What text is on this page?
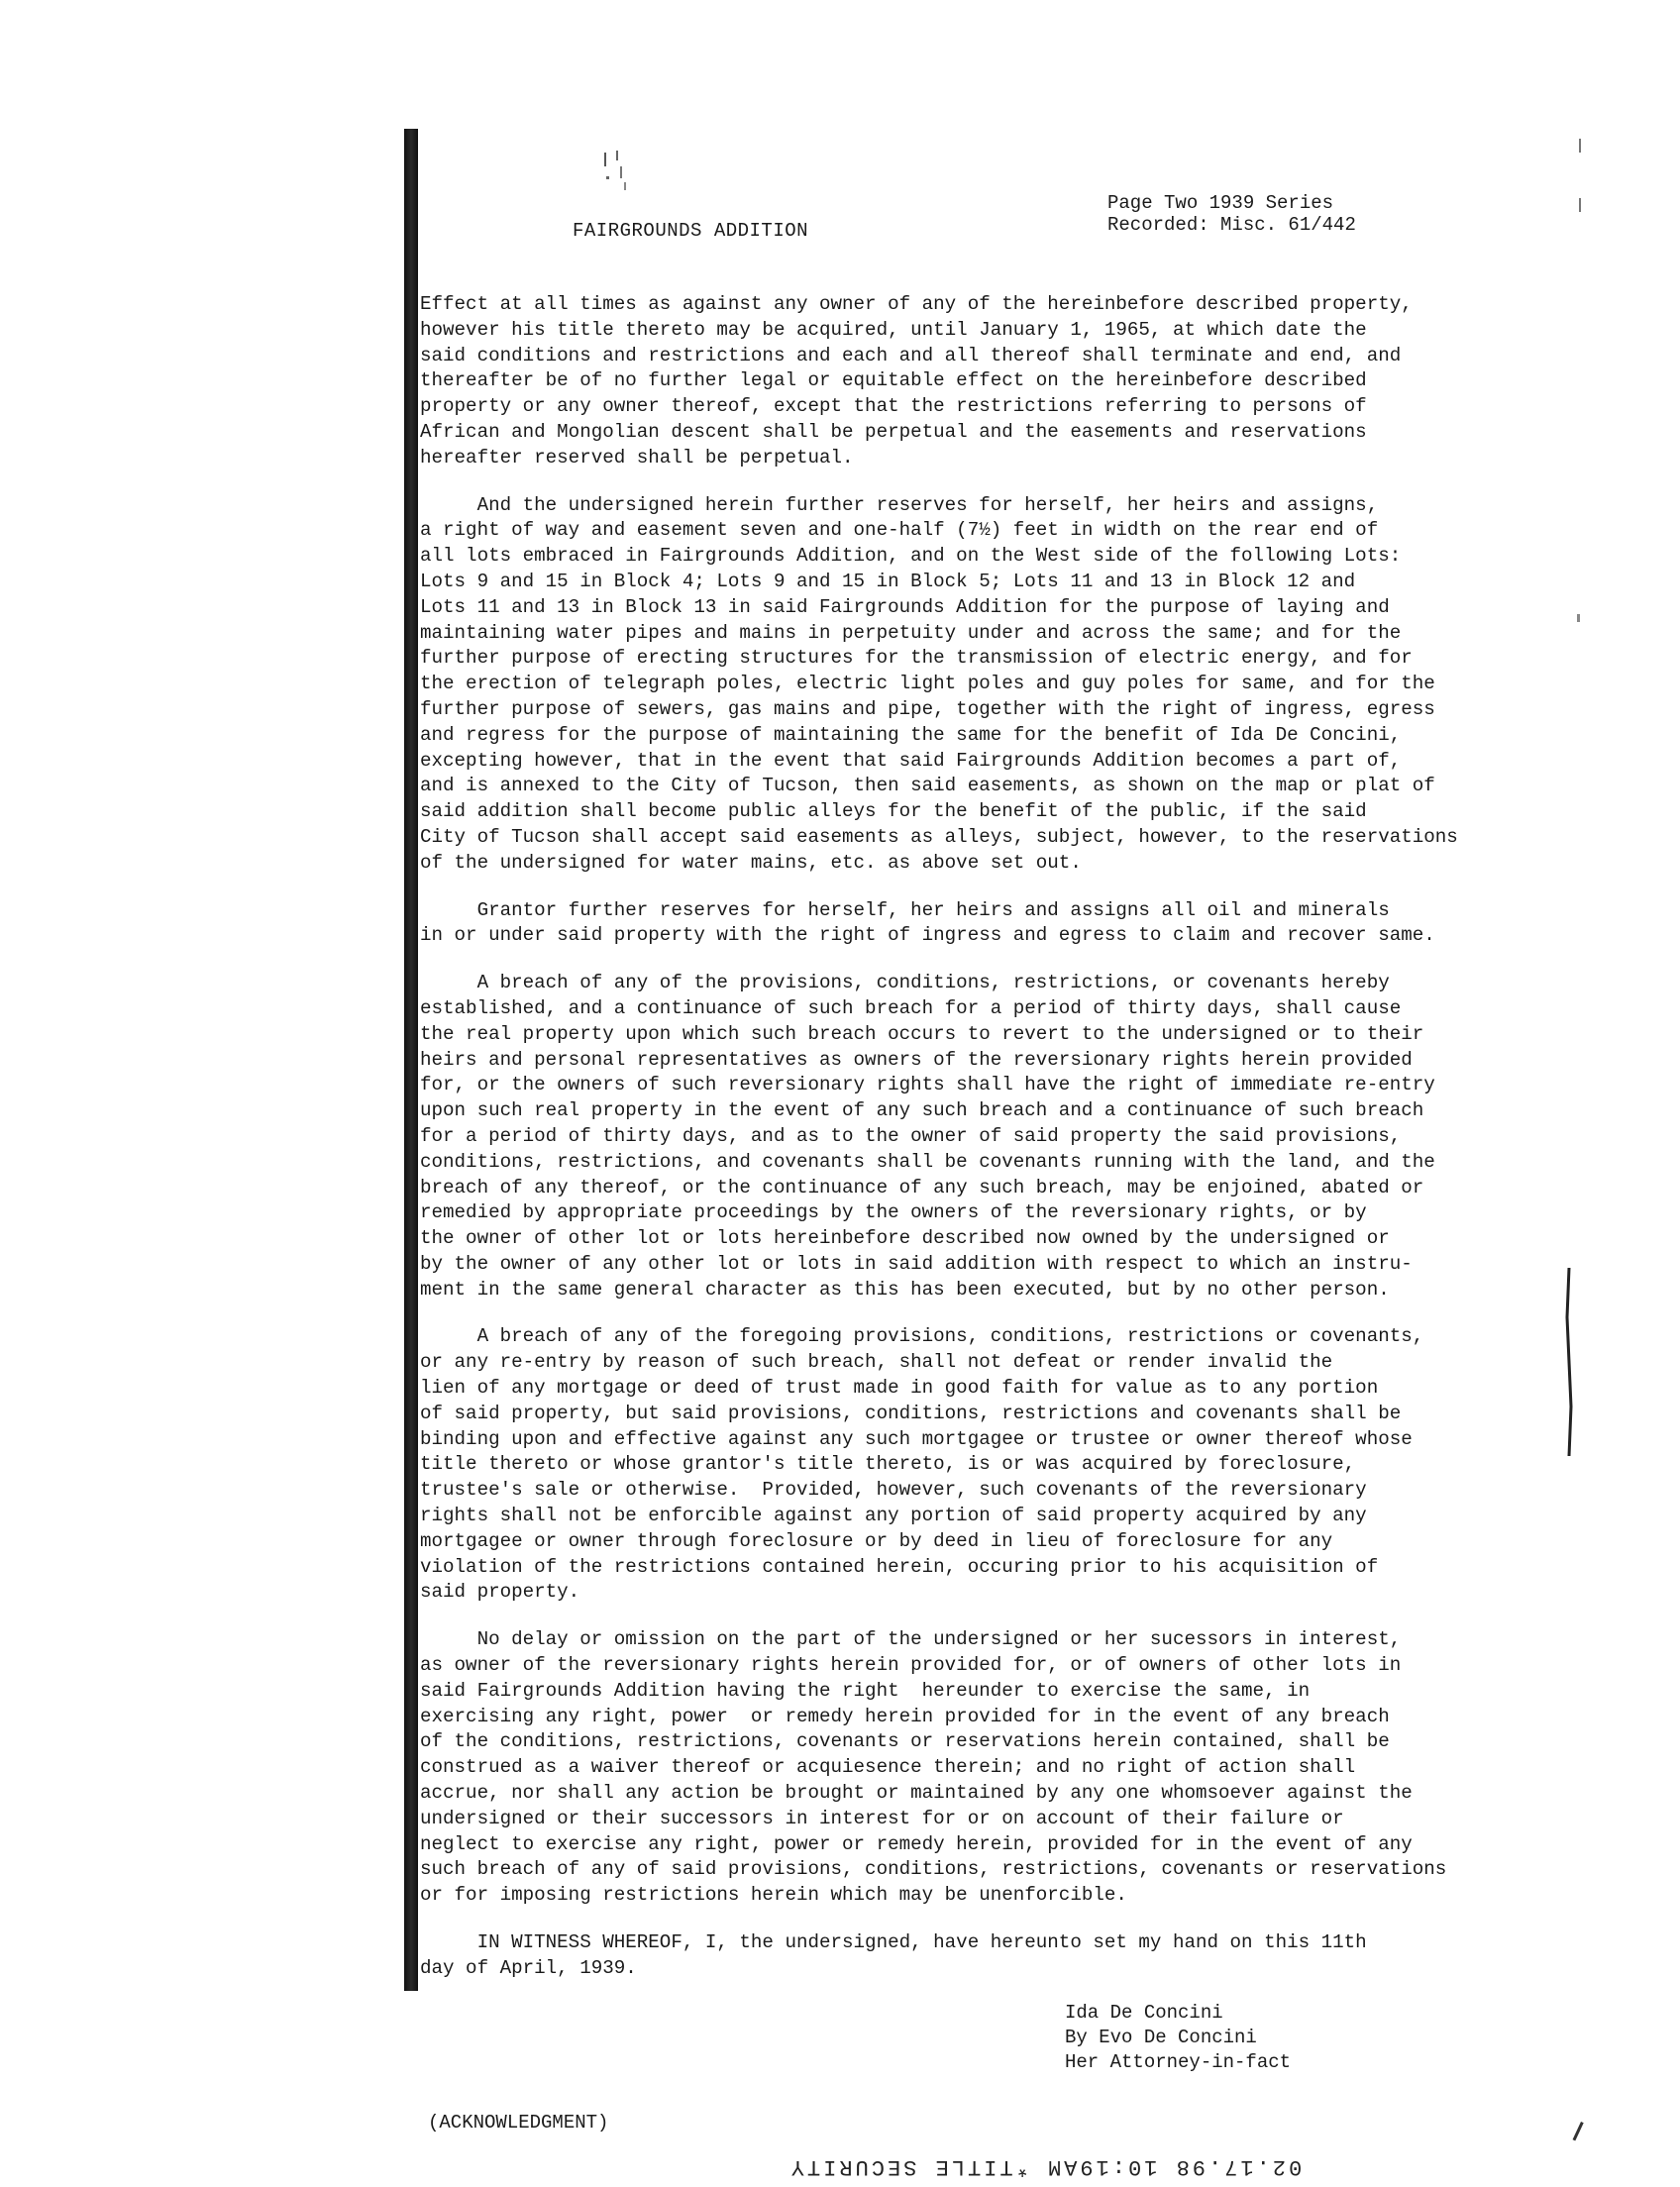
FAIRGROUNDS ADDITION
Page Two 1939 Series
Recorded: Misc. 61/442
Effect at all times as against any owner of any of the hereinbefore described property,
however his title thereto may be acquired, until January 1, 1965, at which date the
said conditions and restrictions and each and all thereof shall terminate and end, and
thereafter be of no further legal or equitable effect on the hereinbefore described
property or any owner thereof, except that the restrictions referring to persons of
African and Mongolian descent shall be perpetual and the easements and reservations
hereafter reserved shall be perpetual.
And the undersigned herein further reserves for herself, her heirs and assigns,
a right of way and easement seven and one-half (7½) feet in width on the rear end of
all lots embraced in Fairgrounds Addition, and on the West side of the following Lots:
Lots 9 and 15 in Block 4; Lots 9 and 15 in Block 5; Lots 11 and 13 in Block 12 and
Lots 11 and 13 in Block 13 in said Fairgrounds Addition for the purpose of laying and
maintaining water pipes and mains in perpetuity under and across the same; and for the
further purpose of erecting structures for the transmission of electric energy, and for
the erection of telegraph poles, electric light poles and guy poles for same, and for the
further purpose of sewers, gas mains and pipe, together with the right of ingress, egress
and regress for the purpose of maintaining the same for the benefit of Ida De Concini,
excepting however, that in the event that said Fairgrounds Addition becomes a part of,
and is annexed to the City of Tucson, then said easements, as shown on the map or plat of
said addition shall become public alleys for the benefit of the public, if the said
City of Tucson shall accept said easements as alleys, subject, however, to the reservations
of the undersigned for water mains, etc. as above set out.
Grantor further reserves for herself, her heirs and assigns all oil and minerals
in or under said property with the right of ingress and egress to claim and recover same.
A breach of any of the provisions, conditions, restrictions, or covenants hereby
established, and a continuance of such breach for a period of thirty days, shall cause
the real property upon which such breach occurs to revert to the undersigned or to their
heirs and personal representatives as owners of the reversionary rights herein provided
for, or the owners of such reversionary rights shall have the right of immediate re-entry
upon such real property in the event of any such breach and a continuance of such breach
for a period of thirty days, and as to the owner of said property the said provisions,
conditions, restrictions, and covenants shall be covenants running with the land, and the
breach of any thereof, or the continuance of any such breach, may be enjoined, abated or
remedied by appropriate proceedings by the owners of the reversionary rights, or by
the owner of other lot or lots hereinbefore described now owned by the undersigned or
by the owner of any other lot or lots in said addition with respect to which an instru-
ment in the same general character as this has been executed, but by no other person.
A breach of any of the foregoing provisions, conditions, restrictions or covenants,
or any re-entry by reason of such breach, shall not defeat or render invalid the
lien of any mortgage or deed of trust made in good faith for value as to any portion
of said property, but said provisions, conditions, restrictions and covenants shall be
binding upon and effective against any such mortgagee or trustee or owner thereof whose
title thereto or whose grantor's title thereto, is or was acquired by foreclosure,
trustee's sale or otherwise.  Provided, however, such covenants of the reversionary
rights shall not be enforcible against any portion of said property acquired by any
mortgagee or owner through foreclosure or by deed in lieu of foreclosure for any
violation of the restrictions contained herein, occuring prior to his acquisition of
said property.
No delay or omission on the part of the undersigned or her sucessors in interest,
as owner of the reversionary rights herein provided for, or of owners of other lots in
said Fairgrounds Addition having the right  hereunder to exercise the same, in
exercising any right, power  or remedy herein provided for in the event of any breach
of the conditions, restrictions, covenants or reservations herein contained, shall be
construed as a waiver thereof or acquiesence therein; and no right of action shall
accrue, nor shall any action be brought or maintained by any one whomsoever against the
undersigned or their successors in interest for or on account of their failure or
neglect to exercise any right, power or remedy herein, provided for in the event of any
such breach of any of said provisions, conditions, restrictions, covenants or reservations
or for imposing restrictions herein which may be unenforcible.
IN WITNESS WHEREOF, I, the undersigned, have hereunto set my hand on this 11th
day of April, 1939.
Ida De Concini
By Evo De Concini
Her Attorney-in-fact
(ACKNOWLEDGMENT)
02.17.98 10:19AM *TITLE SECURITY
